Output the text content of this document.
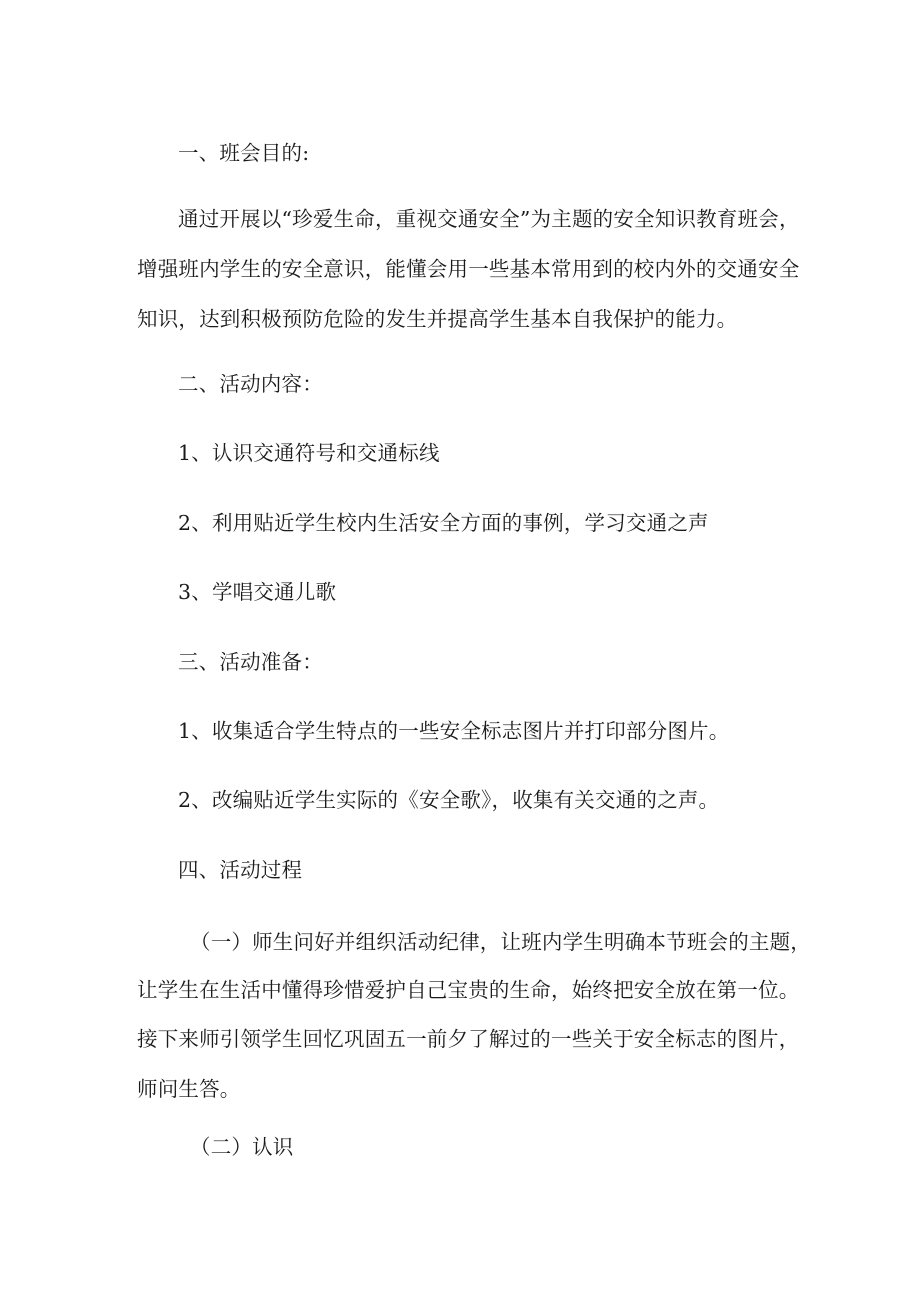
一、班会目的:
通过开展以“珍爱生命，重视交通安全”为主题的安全知识教育班会，
增强班内学生的安全意识，能懂会用一些基本常用到的校内外的交通安全
知识，达到积极预防危险的发生并提高学生基本自我保护的能力。
二、活动内容：
1、认识交通符号和交通标线
2、利用贴近学生校内生活安全方面的事例，学习交通之声
3、学唱交通儿歌
三、活动准备：
1、收集适合学生特点的一些安全标志图片并打印部分图片。
2、改编贴近学生实际的《安全歌》，收集有关交通的之声。
四、活动过程
（一）师生问好并组织活动纪律，让班内学生明确本节班会的主题，
让学生在生活中懂得珍惜爱护自己宝贵的生命，始终把安全放在第一位。
接下来师引领学生回忆巩固五一前夕了解过的一些关于安全标志的图片，
师问生答。
（二）认识
